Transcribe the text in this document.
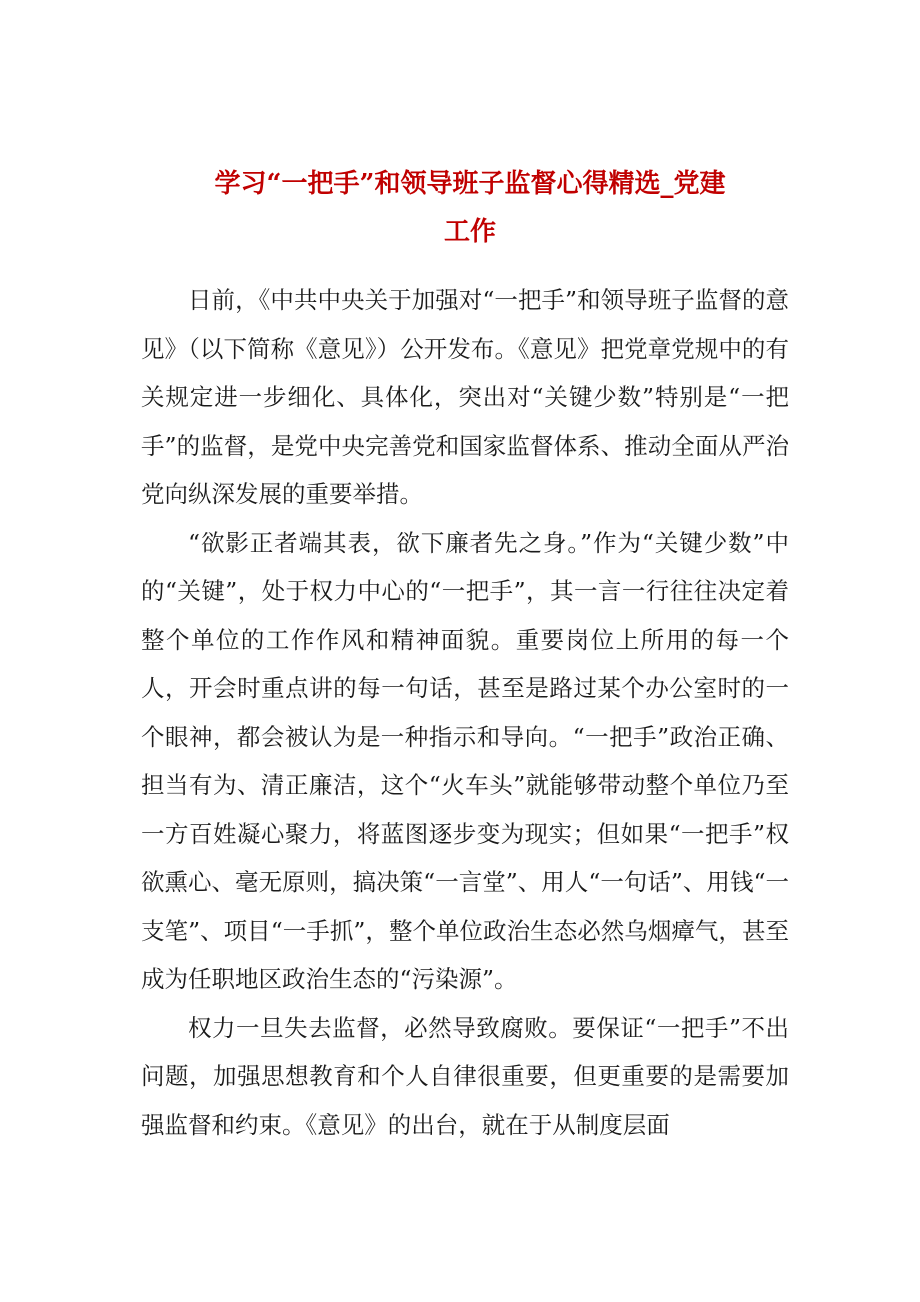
学习“一把手”和领导班子监督心得精选_党建
工作

日前，《中共中央关于加强对“一把手”和领导班子监督的意见》（以下简称《意见》）公开发布。《意见》把党章党规中的有关规定进一步细化、具体化，突出对“关键少数”特别是“一把手”的监督，是党中央完善党和国家监督体系、推动全面从严治党向纵深发展的重要举措。

“欲影正者端其表，欲下廉者先之身。”作为“关键少数”中的“关键”，处于权力中心的“一把手”，其一言一行往往决定着整个单位的工作作风和精神面貌。重要岗位上所用的每一个人，开会时重点讲的每一句话，甚至是路过某个办公室时的一个眼神，都会被认为是一种指示和导向。“一把手”政治正确、担当有为、清正廉洁，这个“火车头”就能够带动整个单位乃至一方百姓凝心聚力，将蓝图逐步变为现实；但如果“一把手”权欲熏心、毫无原则，搞决策“一言堂”、用人“一句话”、用钱“一支笔”、项目“一手抓”，整个单位政治生态必然乌烟瘴气，甚至成为任职地区政治生态的“污染源”。

权力一旦失去监督，必然导致腐败。要保证“一把手”不出问题，加强思想教育和个人自律很重要，但更重要的是需要加强监督和约束。《意见》的出台，就在于从制度层面
